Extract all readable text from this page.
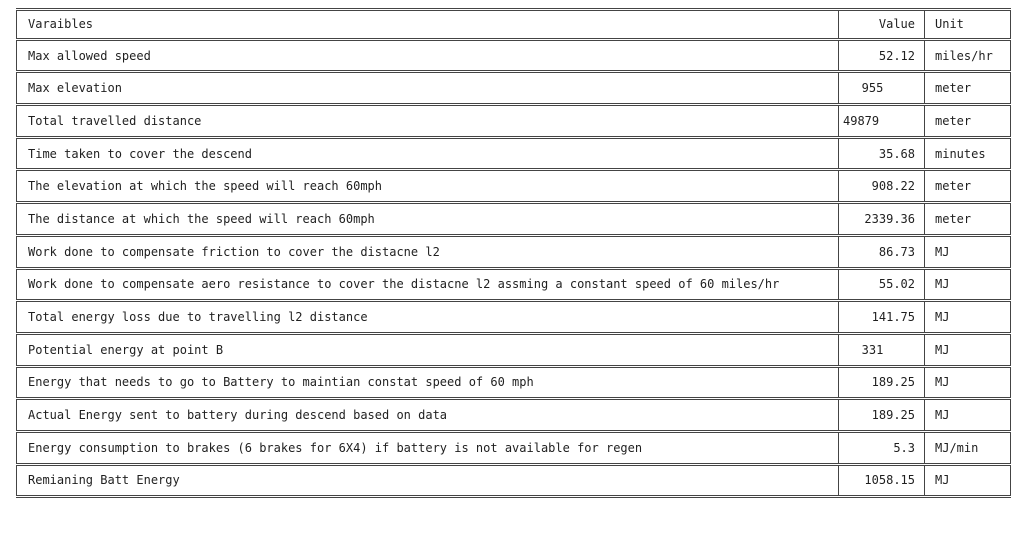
Varaibles	Value	Unit
Max allowed speed	52.12	miles/hr
Max elevation	955	meter
Total travelled distance	49879	meter
Time taken to cover the descend	35.68	minutes
The elevation at which the speed will reach 60mph	908.22	meter
The distance at which the speed will reach 60mph	2339.36	meter
Work done to compensate friction to cover the distacne l2	86.73	MJ
Work done to compensate aero resistance to cover the distacne l2 assming a constant speed of 60 miles/hr	55.02	MJ
Total energy loss due to travelling l2 distance	141.75	MJ
Potential energy at point B	331	MJ
Energy that needs to go to Battery to maintian constat speed of 60 mph	189.25	MJ
Actual Energy sent to battery during descend based on data	189.25	MJ
Energy consumption to brakes (6 brakes for 6X4) if battery is not available for regen	5.3	MJ/min
Remianing Batt Energy	1058.15	MJ
